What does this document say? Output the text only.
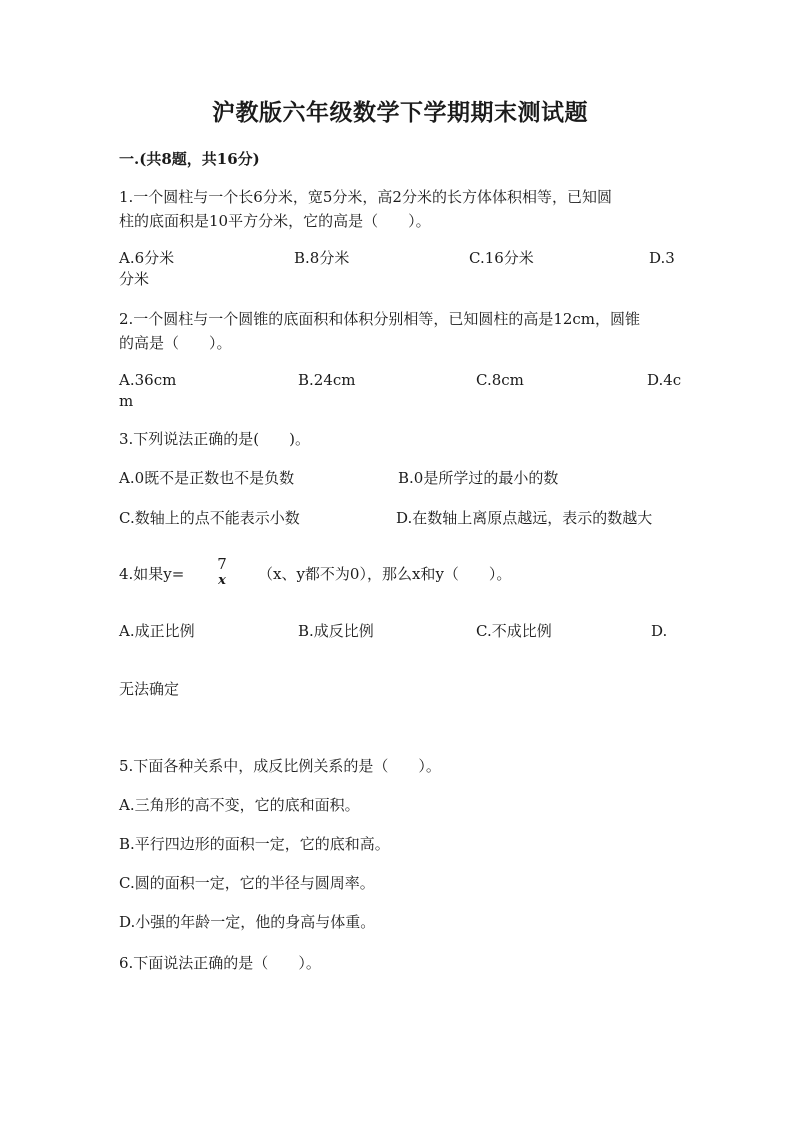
沪教版六年级数学下学期期末测试题
一.(共8题，共16分)
1.一个圆柱与一个长6分米，宽5分米，高2分米的长方体体积相等，已知圆
柱的底面积是10平方分米，它的高是（　　）。
A.6分米	B.8分米	C.16分米	D.3
分米
2.一个圆柱与一个圆锥的底面积和体积分别相等，已知圆柱的高是12cm，圆锥
的高是（　　）。
A.36cm	B.24cm	C.8cm	D.4c
m
3.下列说法正确的是(　　)。
A.0既不是正数也不是负数	B.0是所学过的最小的数
C.数轴上的点不能表示小数	D.在数轴上离原点越远，表示的数越大
4.如果y=
7
x	（x、y都不为0），那么x和y（　　）。
A.成正比例	B.成反比例	C.不成比例	D.
无法确定
5.下面各种关系中，成反比例关系的是（　　）。
A.三角形的高不变，它的底和面积。
B.平行四边形的面积一定，它的底和高。
C.圆的面积一定，它的半径与圆周率。
D.小强的年龄一定，他的身高与体重。
6.下面说法正确的是（　　）。
